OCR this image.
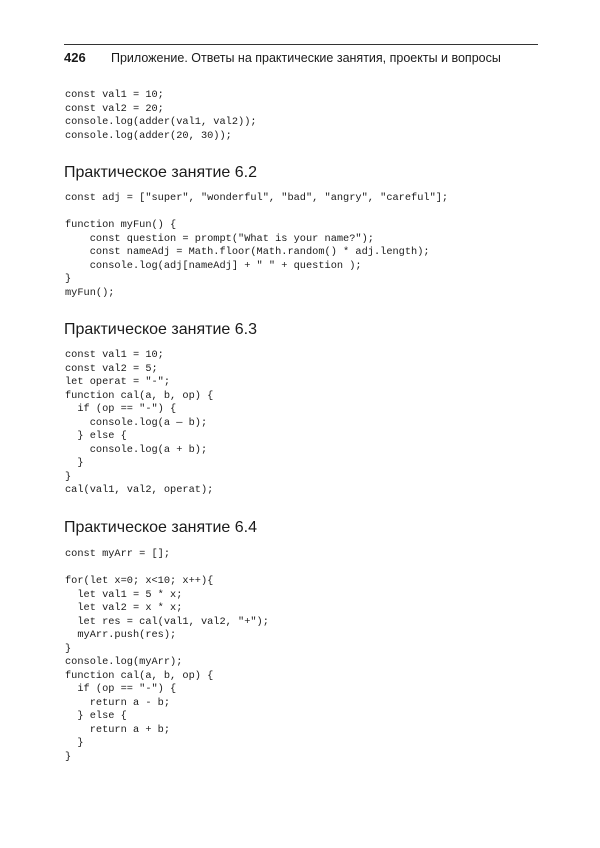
426 Приложение. Ответы на практические занятия, проекты и вопросы
const val1 = 10;
const val2 = 20;
console.log(adder(val1, val2));
console.log(adder(20, 30));
Практическое занятие 6.2
const adj = ["super", "wonderful", "bad", "angry", "careful"];

function myFun() {
const question = prompt("What is your name?");
const nameAdj = Math.floor(Math.random() * adj.length);
console.log(adj[nameAdj] + " " + question );
}
myFun();
Практическое занятие 6.3
const val1 = 10;
const val2 = 5;
let operat = "-";
function cal(a, b, op) {
if (op == "-") {
console.log(a — b);
} else {
console.log(a + b);
}
}
cal(val1, val2, operat);
Практическое занятие 6.4
const myArr = [];

for(let x=0; x<10; x++){
let val1 = 5 * x;
let val2 = x * x;
let res = cal(val1, val2, "+");
myArr.push(res);
}
console.log(myArr);
function cal(a, b, op) {
if (op == "-") {
return a - b;
} else {
return a + b;
}
}
